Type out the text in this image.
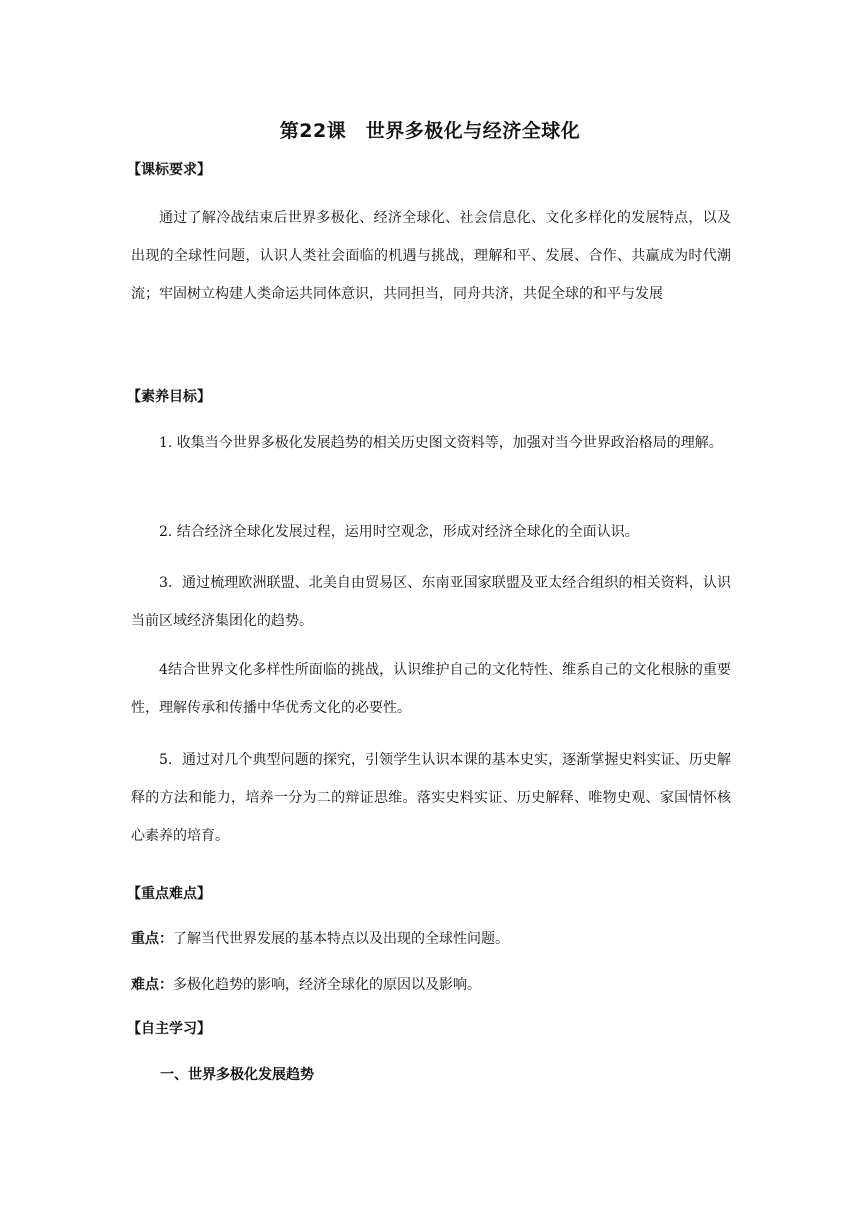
第22课　世界多极化与经济全球化
【课标要求】
通过了解冷战结束后世界多极化、经济全球化、社会信息化、文化多样化的发展特点，以及出现的全球性问题，认识人类社会面临的机遇与挑战，理解和平、发展、合作、共赢成为时代潮流；牢固树立构建人类命运共同体意识，共同担当，同舟共济，共促全球的和平与发展
【素养目标】
1. 收集当今世界多极化发展趋势的相关历史图文资料等，加强对当今世界政治格局的理解。
2. 结合经济全球化发展过程，运用时空观念，形成对经济全球化的全面认识。
3．通过梳理欧洲联盟、北美自由贸易区、东南亚国家联盟及亚太经合组织的相关资料，认识当前区域经济集团化的趋势。
4结合世界文化多样性所面临的挑战，认识维护自己的文化特性、维系自己的文化根脉的重要性，理解传承和传播中华优秀文化的必要性。
5．通过对几个典型问题的探究，引领学生认识本课的基本史实，逐渐掌握史料实证、历史解释的方法和能力，培养一分为二的辩证思维。落实史料实证、历史解释、唯物史观、家国情怀核心素养的培育。
【重点难点】
重点：了解当代世界发展的基本特点以及出现的全球性问题。
难点：多极化趋势的影响，经济全球化的原因以及影响。
【自主学习】
一、世界多极化发展趋势
